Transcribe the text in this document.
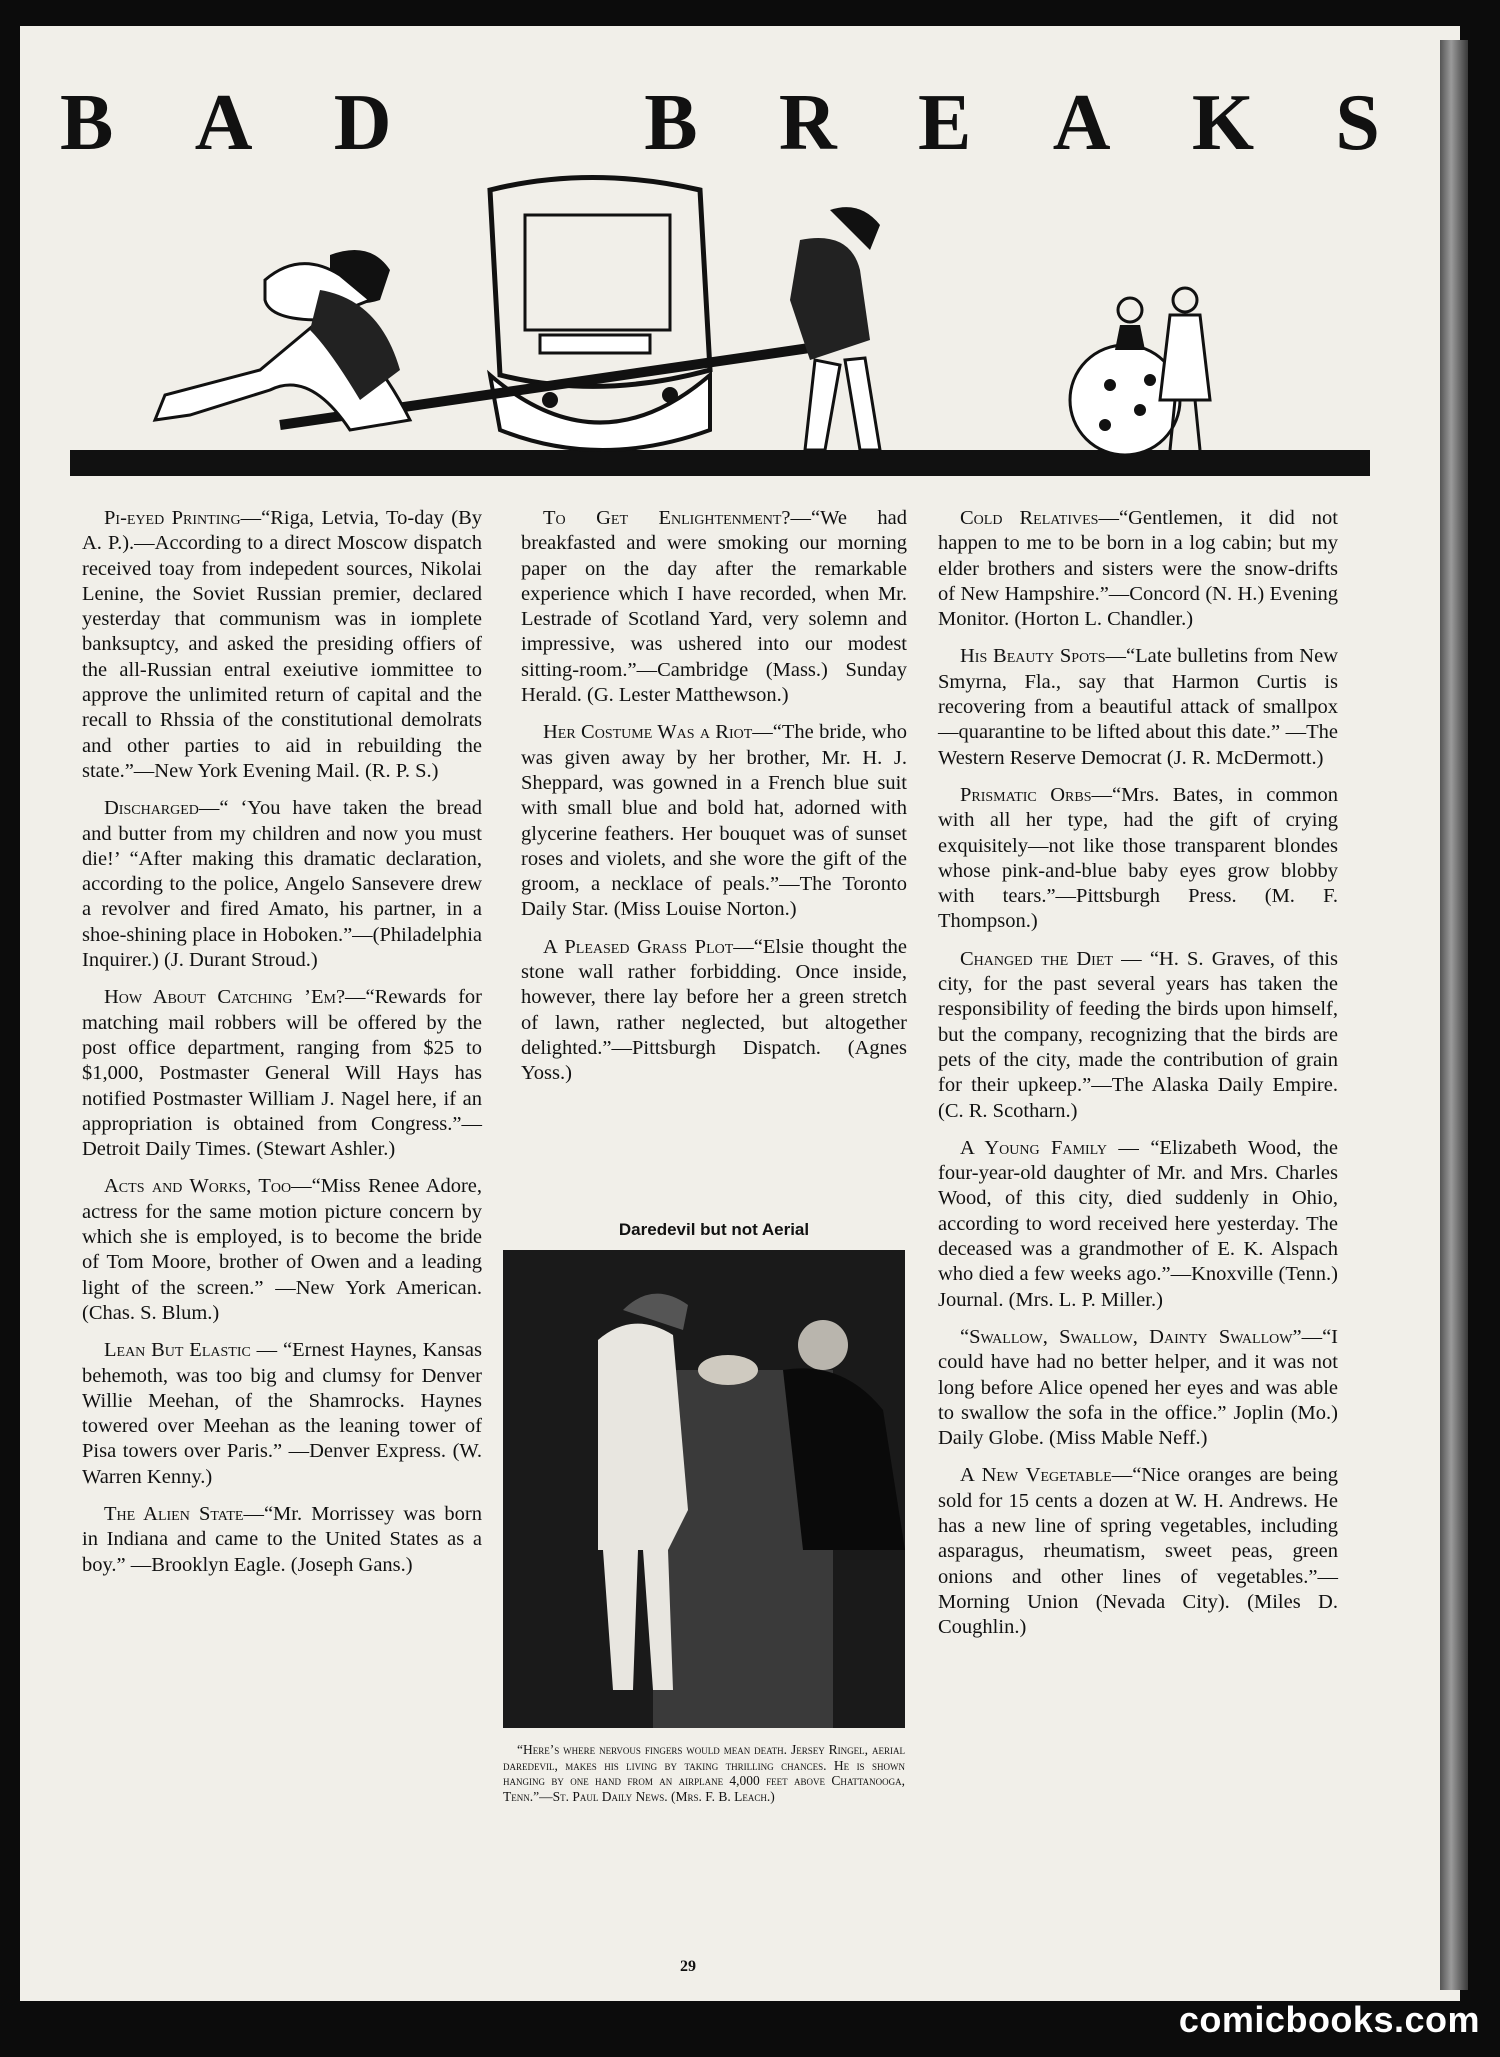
B A D	B R E A K S

Pi-eyed Printing—“Riga, Letvia, To-day (By A. P.).—According to a direct Moscow dispatch received toay from indepedent sources, Nikolai Lenine, the Soviet Russian premier, declared yesterday that communism was in iomplete banksuptcy, and asked the presiding offiers of the all-Russian entral exeiutive iommittee to approve the unlimited return of capital and the recall to Rhssia of the constitutional demolrats and other parties to aid in rebuilding the state.”—New York Evening Mail. (R. P. S.)

Discharged—“ ‘You have taken the bread and butter from my children and now you must die!’ “After making this dramatic declaration, according to the police, Angelo Sansevere drew a revolver and fired Amato, his partner, in a shoe-shining place in Hoboken.”—(Philadelphia Inquirer.) (J. Durant Stroud.)

How About Catching ’Em?—“Rewards for matching mail robbers will be offered by the post office department, ranging from $25 to $1,000, Postmaster General Will Hays has notified Postmaster William J. Nagel here, if an appropriation is obtained from Congress.”—Detroit Daily Times. (Stewart Ashler.)

Acts and Works, Too—“Miss Renee Adore, actress for the same motion picture concern by which she is employed, is to become the bride of Tom Moore, brother of Owen and a leading light of the screen.” —New York American. (Chas. S. Blum.)

Lean But Elastic — “Ernest Haynes, Kansas behemoth, was too big and clumsy for Denver Willie Meehan, of the Shamrocks. Haynes towered over Meehan as the leaning tower of Pisa towers over Paris.” —Denver Express. (W. Warren Kenny.)

The Alien State—“Mr. Morrissey was born in Indiana and came to the United States as a boy.” —Brooklyn Eagle. (Joseph Gans.)

To Get Enlightenment?—“We had breakfasted and were smoking our morning paper on the day after the remarkable experience which I have recorded, when Mr. Lestrade of Scotland Yard, very solemn and impressive, was ushered into our modest sitting-room.”—Cambridge (Mass.) Sunday Herald. (G. Lester Matthewson.)

Her Costume Was a Riot—“The bride, who was given away by her brother, Mr. H. J. Sheppard, was gowned in a French blue suit with small blue and bold hat, adorned with glycerine feathers. Her bouquet was of sunset roses and violets, and she wore the gift of the groom, a necklace of peals.”—The Toronto Daily Star. (Miss Louise Norton.)

A Pleased Grass Plot—“Elsie thought the stone wall rather forbidding. Once inside, however, there lay before her a green stretch of lawn, rather neglected, but altogether delighted.”—Pittsburgh Dispatch. (Agnes Yoss.)

Daredevil but not Aerial

“Here’s where nervous fingers would mean death. Jersey Ringel, aerial daredevil, makes his living by taking thrilling chances. He is shown hanging by one hand from an airplane 4,000 feet above Chattanooga, Tenn.”—St. Paul Daily News. (Mrs. F. B. Leach.)

Cold Relatives—“Gentlemen, it did not happen to me to be born in a log cabin; but my elder brothers and sisters were the snow-drifts of New Hampshire.”—Concord (N. H.) Evening Monitor. (Horton L. Chandler.)

His Beauty Spots—“Late bulletins from New Smyrna, Fla., say that Harmon Curtis is recovering from a beautiful attack of smallpox—quarantine to be lifted about this date.” —The Western Reserve Democrat (J. R. McDermott.)

Prismatic Orbs—“Mrs. Bates, in common with all her type, had the gift of crying exquisitely—not like those transparent blondes whose pink-and-blue baby eyes grow blobby with tears.”—Pittsburgh Press. (M. F. Thompson.)

Changed the Diet — “H. S. Graves, of this city, for the past several years has taken the responsibility of feeding the birds upon himself, but the company, recognizing that the birds are pets of the city, made the contribution of grain for their upkeep.”—The Alaska Daily Empire. (C. R. Scotharn.)

A Young Family — “Elizabeth Wood, the four-year-old daughter of Mr. and Mrs. Charles Wood, of this city, died suddenly in Ohio, according to word received here yesterday. The deceased was a grandmother of E. K. Alspach who died a few weeks ago.”—Knoxville (Tenn.) Journal. (Mrs. L. P. Miller.)

“Swallow, Swallow, Dainty Swallow”—“I could have had no better helper, and it was not long before Alice opened her eyes and was able to swallow the sofa in the office.” Joplin (Mo.) Daily Globe. (Miss Mable Neff.)

A New Vegetable—“Nice oranges are being sold for 15 cents a dozen at W. H. Andrews. He has a new line of spring vegetables, including asparagus, rheumatism, sweet peas, green onions and other lines of vegetables.”—Morning Union (Nevada City). (Miles D. Coughlin.)

29
comicbooks.com
